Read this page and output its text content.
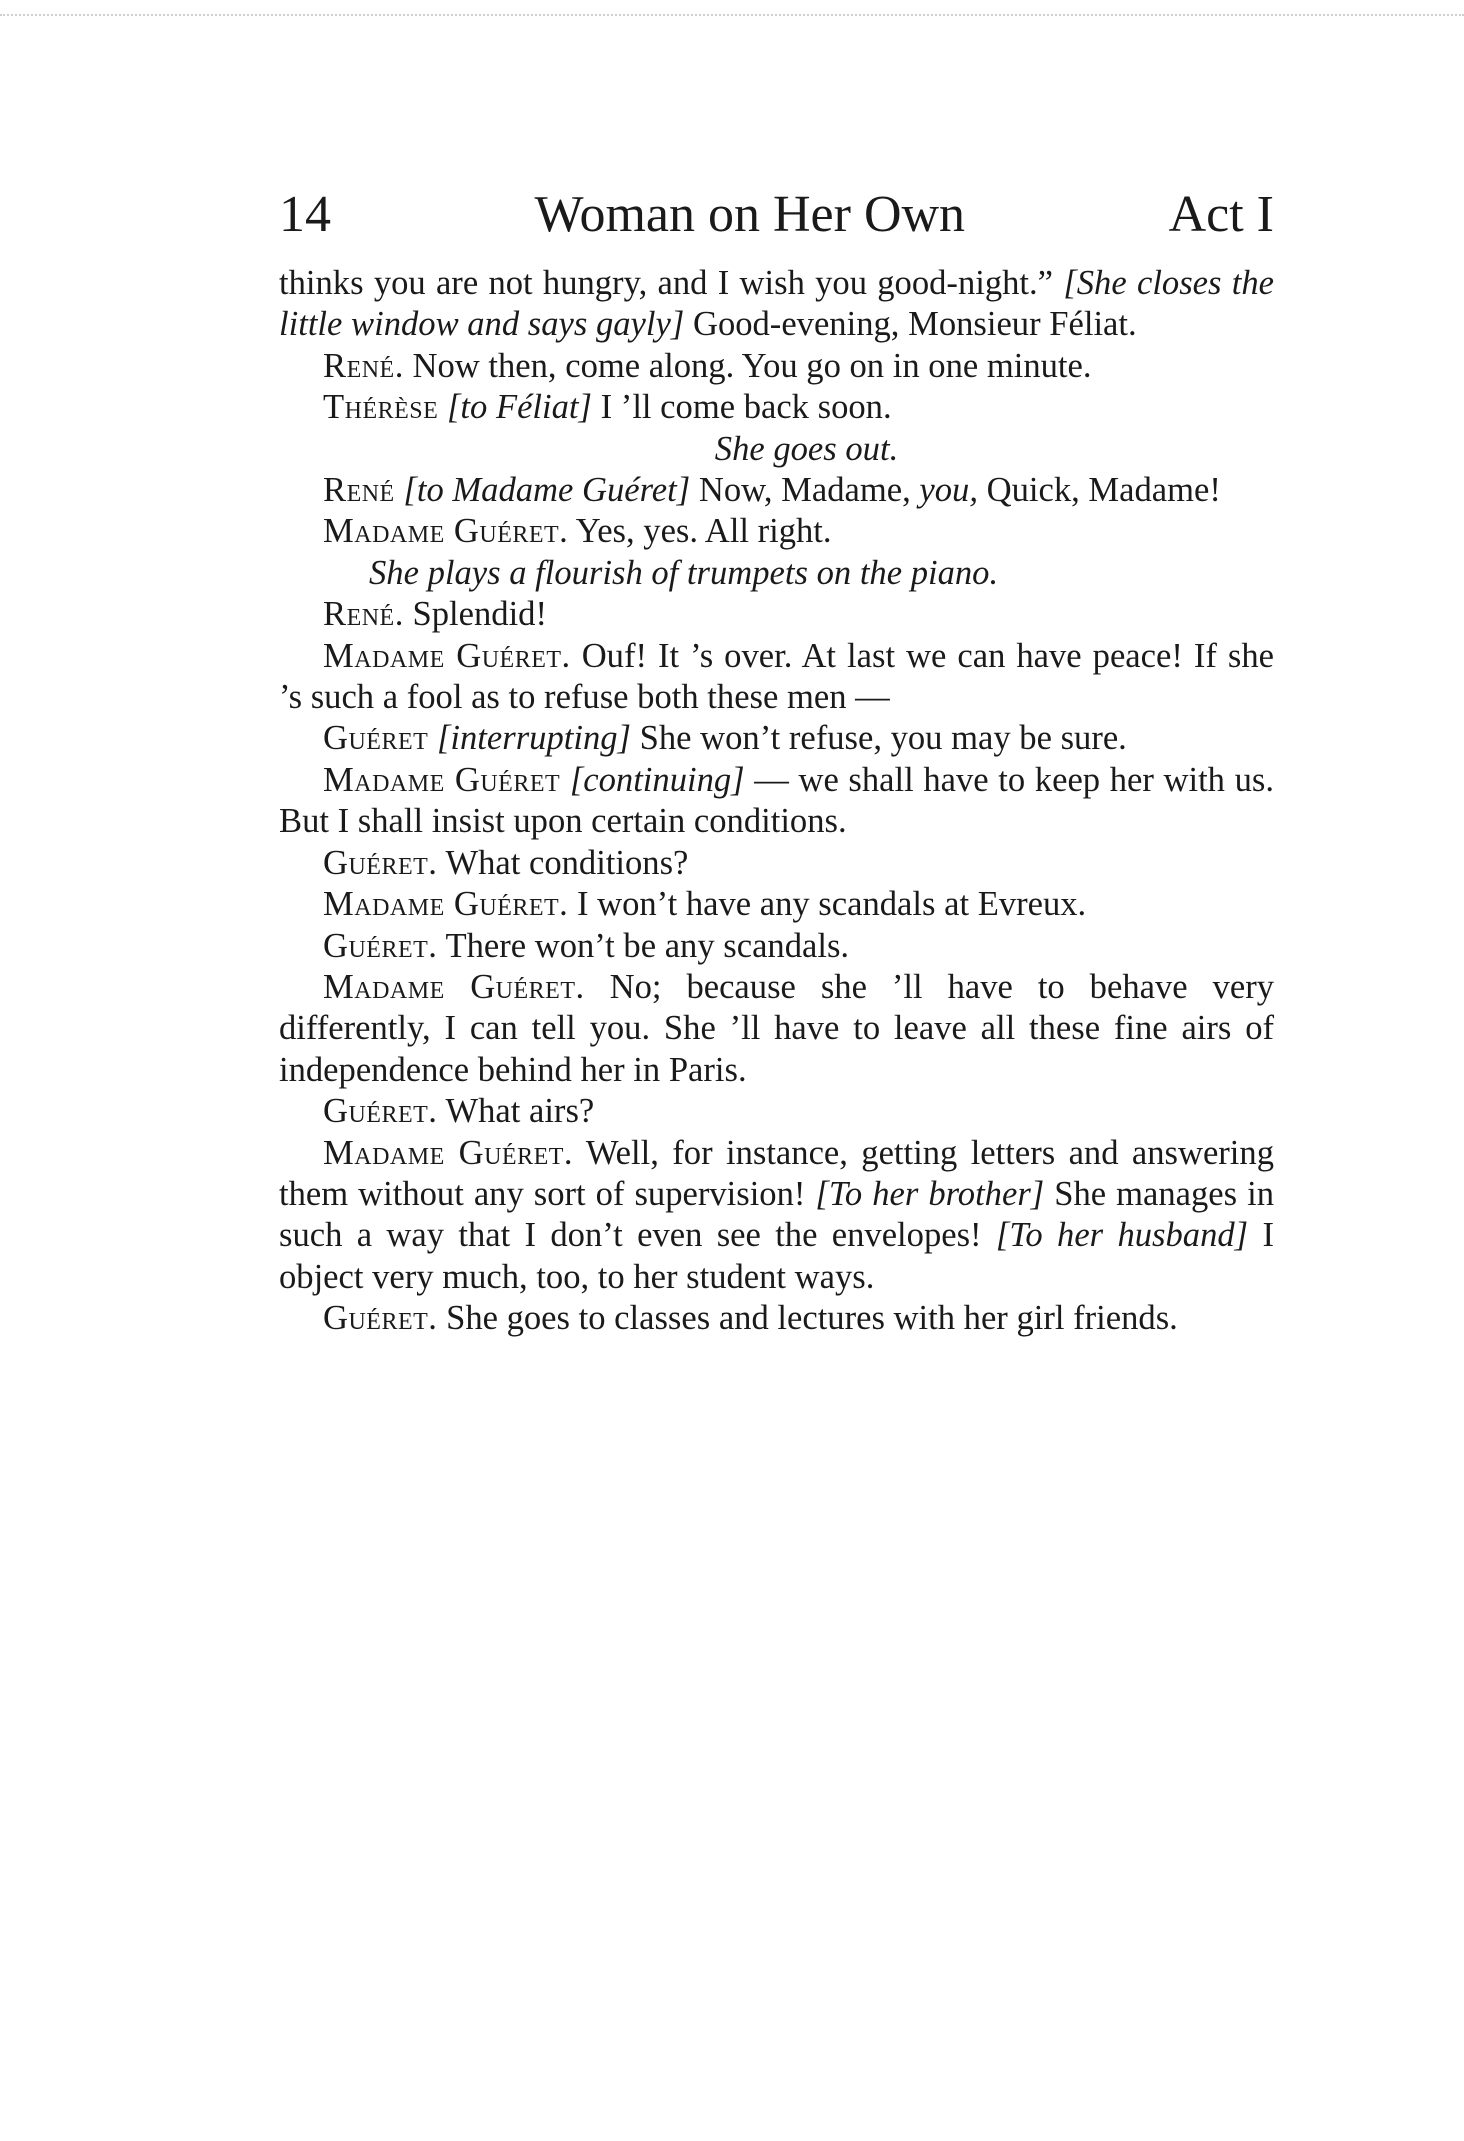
14	Woman on Her Own	Act I

thinks you are not hungry, and I wish you good-night.” [She closes the little window and says gayly] Good-evening, Monsieur Féliat.

René. Now then, come along. You go on in one minute.

Thérèse [to Féliat] I ’ll come back soon.

She goes out.

René [to Madame Guéret] Now, Madame, you, Quick, Madame!

Madame Guéret. Yes, yes. All right.

She plays a flourish of trumpets on the piano.

René. Splendid!

Madame Guéret. Ouf! It ’s over. At last we can have peace! If she ’s such a fool as to refuse both these men —

Guéret [interrupting] She won’t refuse, you may be sure.

Madame Guéret [continuing] — we shall have to keep her with us. But I shall insist upon certain conditions.

Guéret. What conditions?

Madame Guéret. I won’t have any scandals at Evreux.

Guéret. There won’t be any scandals.

Madame Guéret. No; because she ’ll have to behave very differently, I can tell you. She ’ll have to leave all these fine airs of independence behind her in Paris.

Guéret. What airs?

Madame Guéret. Well, for instance, getting letters and answering them without any sort of supervision! [To her brother] She manages in such a way that I don’t even see the envelopes! [To her husband] I object very much, too, to her student ways.

Guéret. She goes to classes and lectures with her girl friends.
